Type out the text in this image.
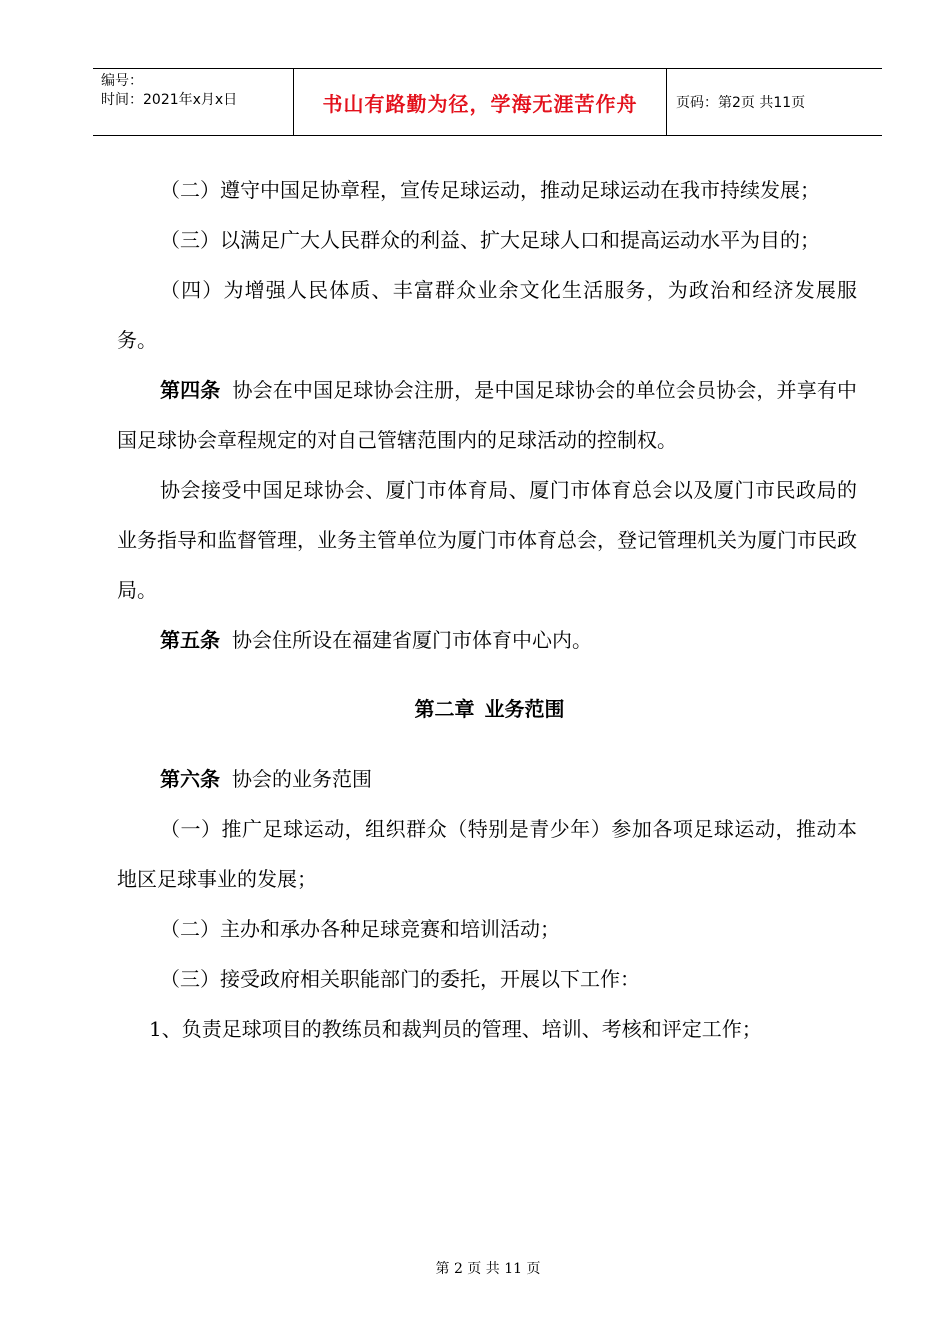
编号：
时间：2021年x月x日	书山有路勤为径，学海无涯苦作舟	页码：第2页 共11页

（二）遵守中国足协章程，宣传足球运动，推动足球运动在我市持续发展；

（三）以满足广大人民群众的利益、扩大足球人口和提高运动水平为目的；

（四）为增强人民体质、丰富群众业余文化生活服务，为政治和经济发展服务。

第四条 协会在中国足球协会注册，是中国足球协会的单位会员协会，并享有中国足球协会章程规定的对自己管辖范围内的足球活动的控制权。

协会接受中国足球协会、厦门市体育局、厦门市体育总会以及厦门市民政局的业务指导和监督管理，业务主管单位为厦门市体育总会，登记管理机关为厦门市民政局。

第五条 协会住所设在福建省厦门市体育中心内。

第二章 业务范围

第六条 协会的业务范围

（一）推广足球运动，组织群众（特别是青少年）参加各项足球运动，推动本地区足球事业的发展；

（二）主办和承办各种足球竞赛和培训活动；

（三）接受政府相关职能部门的委托，开展以下工作：

1、负责足球项目的教练员和裁判员的管理、培训、考核和评定工作；

第 2 页 共 11 页
